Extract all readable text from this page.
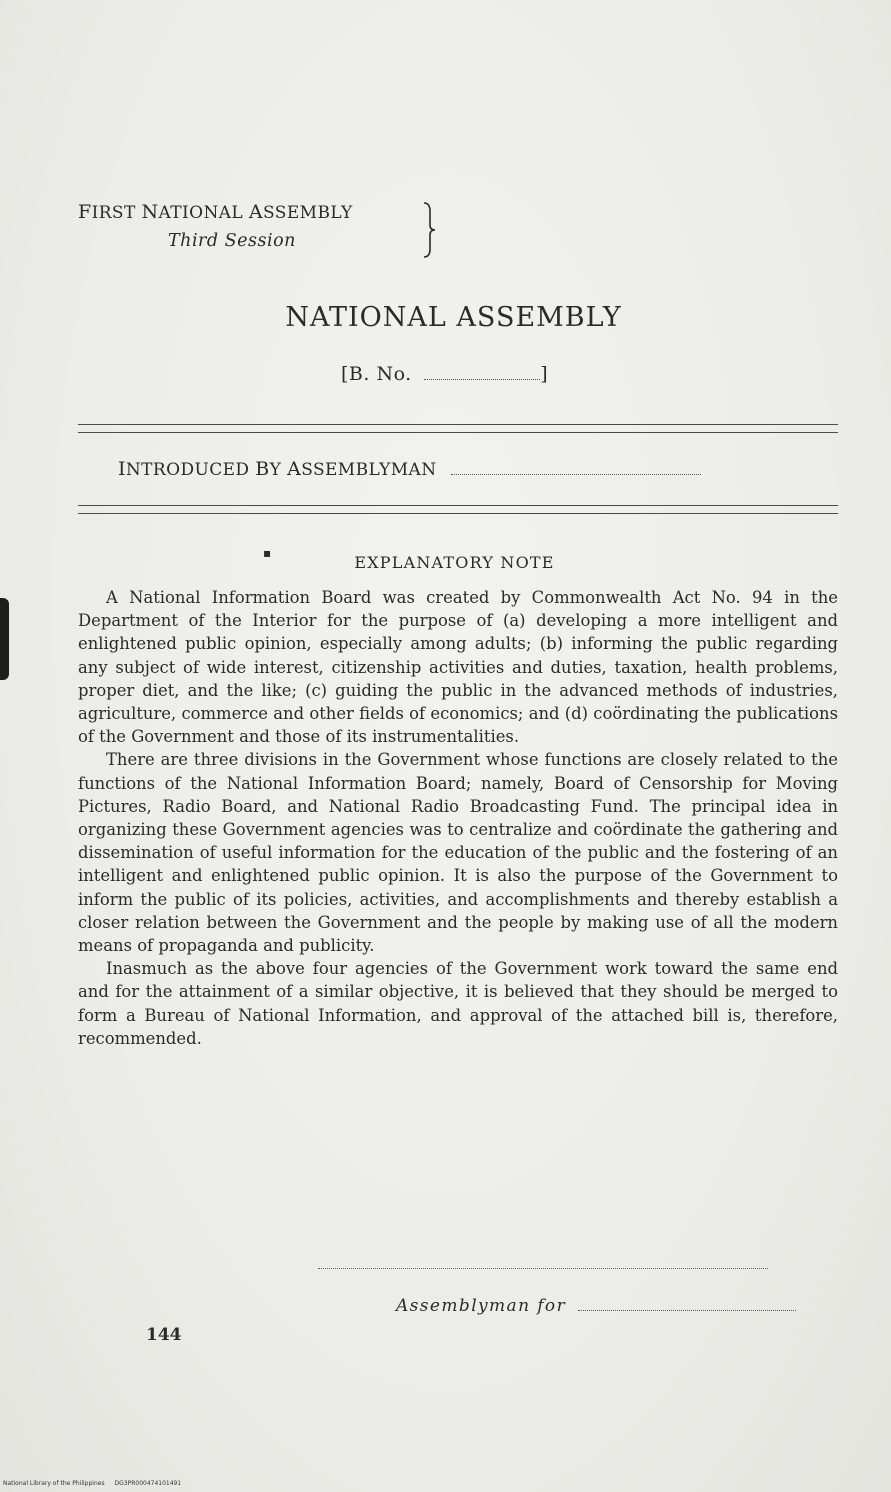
FIRST NATIONAL ASSEMBLY
Third Session
NATIONAL ASSEMBLY
[B. No.	]
INTRODUCED BY ASSEMBLYMAN
▪	EXPLANATORY NOTE

A National Information Board was created by Commonwealth Act No. 94 in the Department of the Interior for the purpose of (a) developing a more intelligent and enlightened public opinion, especially among adults; (b) informing the public regarding any subject of wide interest, citizenship activities and duties, taxation, health problems, proper diet, and the like; (c) guiding the public in the advanced methods of industries, agriculture, commerce and other fields of economics; and (d) coördinating the publications of the Government and those of its instrumentalities.

There are three divisions in the Government whose functions are closely related to the functions of the National Information Board; namely, Board of Censorship for Moving Pictures, Radio Board, and National Radio Broadcasting Fund. The principal idea in organizing these Government agencies was to centralize and coördinate the gathering and dissemination of useful information for the education of the public and the fostering of an intelligent and enlightened public opinion. It is also the purpose of the Government to inform the public of its policies, activities, and accomplishments and thereby establish a closer relation between the Government and the people by making use of all the modern means of propaganda and publicity.

Inasmuch as the above four agencies of the Government work toward the same end and for the attainment of a similar objective, it is believed that they should be merged to form a Bureau of National Information, and approval of the attached bill is, therefore, recommended.

Assemblyman for
144
National Library of the Philippines DG3PR000474101491
